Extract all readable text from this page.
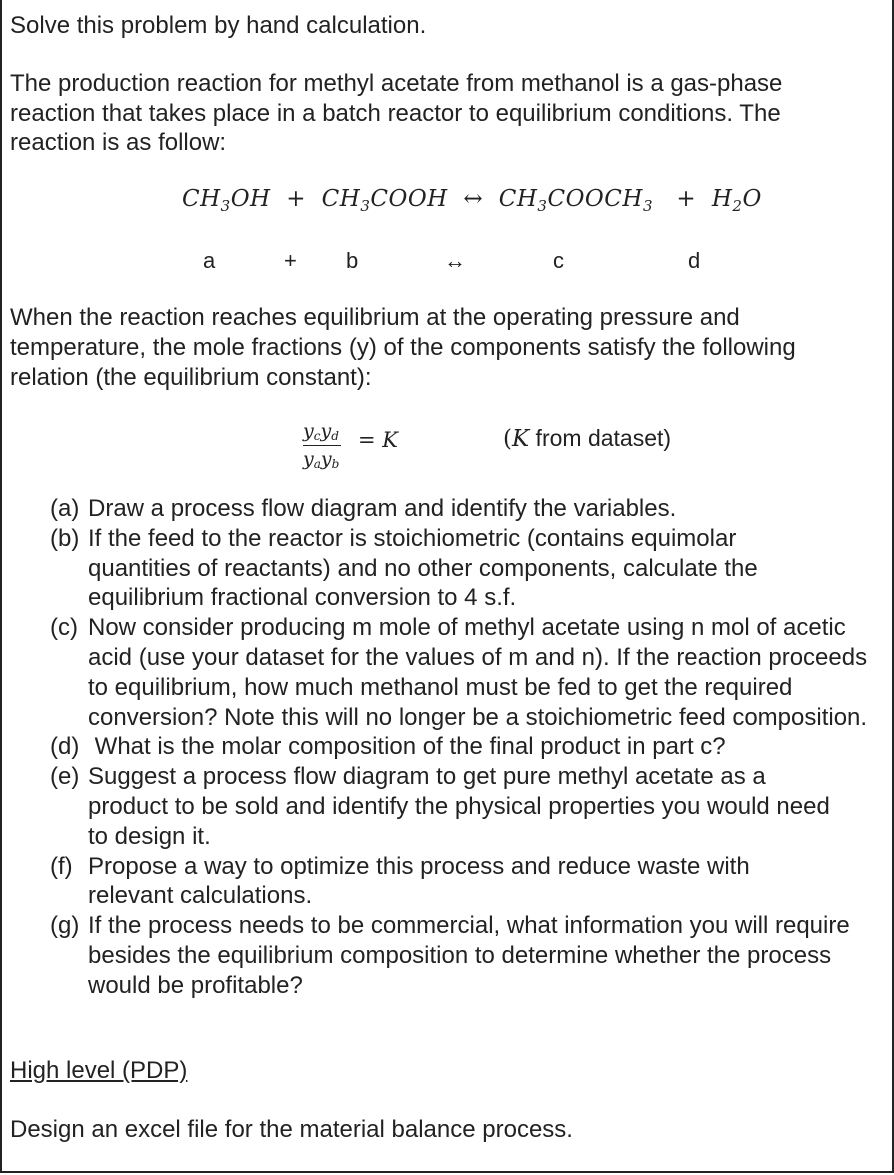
Solve this problem by hand calculation.
The production reaction for methyl acetate from methanol is a gas-phase
reaction that takes place in a batch reactor to equilibrium conditions. The
reaction is as follow:
$CH_3OH$ + $CH_3COOH$ ↔ $CH_3COOCH_3 + H_2O$
a	+ b	↔	c	d
When the reaction reaches equilibrium at the operating pressure and
temperature, the mole fractions (y) of the components satisfy the following
relation (the equilibrium constant):
$y_cy_d$
$y_ay_b$
= K	(K from dataset)
(a) Draw a process flow diagram and identify the variables.
(b) If the feed to the reactor is stoichiometric (contains equimolar quantities of reactants) and no other components, calculate the equilibrium fractional conversion to 4 s.f.
(c) Now consider producing m mole of methyl acetate using n mol of acetic acid (use your dataset for the values of m and n). If the reaction proceeds to equilibrium, how much methanol must be fed to get the required conversion? Note this will no longer be a stoichiometric feed composition.
(d) What is the molar composition of the final product in part c?
(e) Suggest a process flow diagram to get pure methyl acetate as a product to be sold and identify the physical properties you would need to design it.
(f) Propose a way to optimize this process and reduce waste with relevant calculations.
(g) If the process needs to be commercial, what information you will require besides the equilibrium composition to determine whether the process would be profitable?
High level (PDP)
Design an excel file for the material balance process.
